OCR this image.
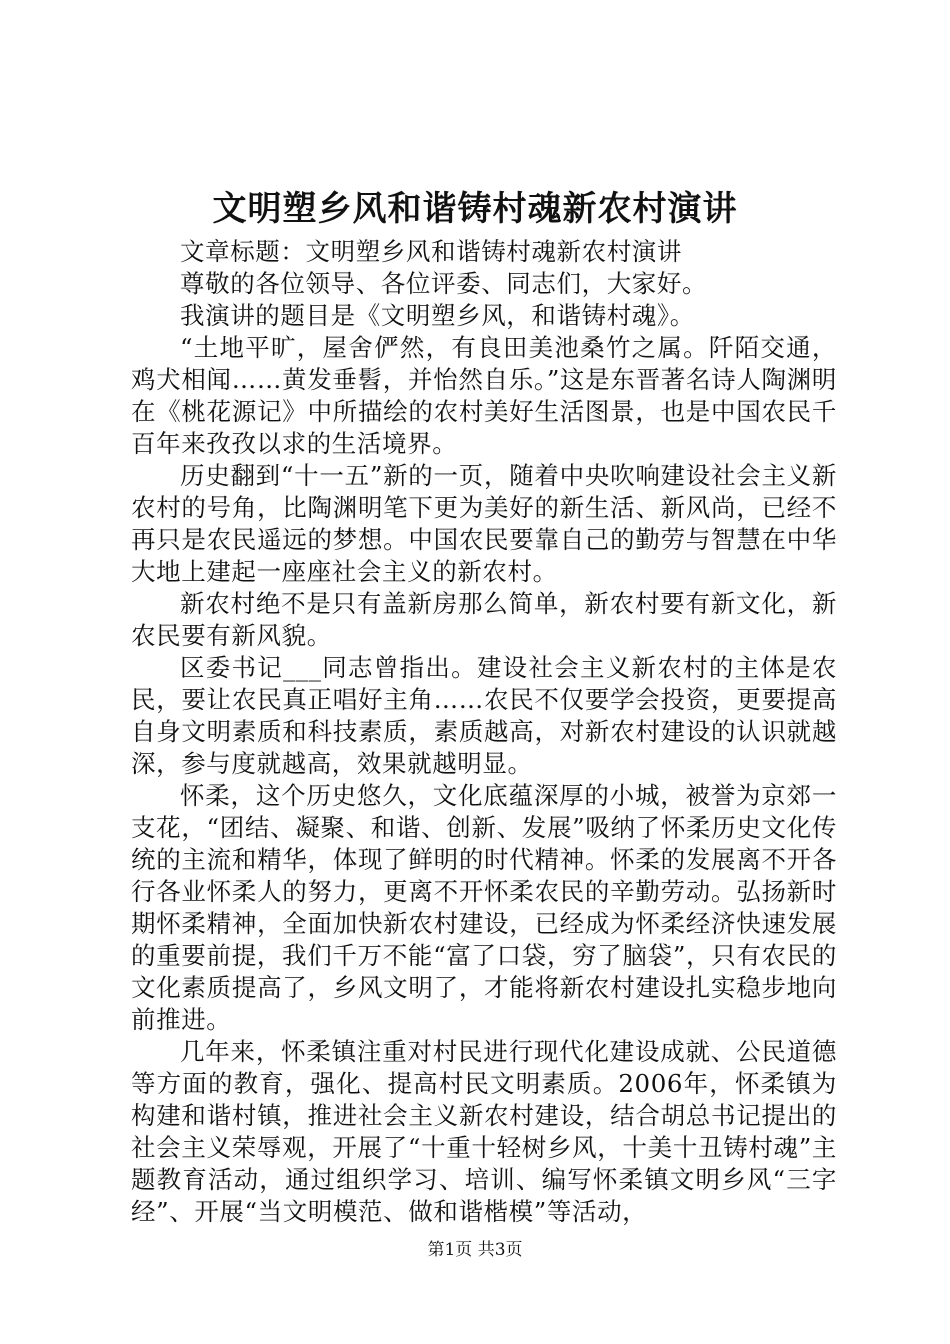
文明塑乡风和谐铸村魂新农村演讲

文章标题：文明塑乡风和谐铸村魂新农村演讲

尊敬的各位领导、各位评委、同志们，大家好。

我演讲的题目是《文明塑乡风，和谐铸村魂》。

“土地平旷，屋舍俨然，有良田美池桑竹之属。阡陌交通，鸡犬相闻……黄发垂髫，并怡然自乐。”这是东晋著名诗人陶渊明在《桃花源记》中所描绘的农村美好生活图景，也是中国农民千百年来孜孜以求的生活境界。

历史翻到“十一五”新的一页，随着中央吹响建设社会主义新农村的号角，比陶渊明笔下更为美好的新生活、新风尚，已经不再只是农民遥远的梦想。中国农民要靠自己的勤劳与智慧在中华大地上建起一座座社会主义的新农村。

新农村绝不是只有盖新房那么简单，新农村要有新文化，新农民要有新风貌。

区委书记___同志曾指出。建设社会主义新农村的主体是农民，要让农民真正唱好主角……农民不仅要学会投资，更要提高自身文明素质和科技素质，素质越高，对新农村建设的认识就越深，参与度就越高，效果就越明显。

怀柔，这个历史悠久，文化底蕴深厚的小城，被誉为京郊一支花，“团结、凝聚、和谐、创新、发展”吸纳了怀柔历史文化传统的主流和精华，体现了鲜明的时代精神。怀柔的发展离不开各行各业怀柔人的努力，更离不开怀柔农民的辛勤劳动。弘扬新时期怀柔精神，全面加快新农村建设，已经成为怀柔经济快速发展的重要前提，我们千万不能“富了口袋，穷了脑袋”，只有农民的文化素质提高了，乡风文明了，才能将新农村建设扎实稳步地向前推进。

几年来，怀柔镇注重对村民进行现代化建设成就、公民道德等方面的教育，强化、提高村民文明素质。2006年，怀柔镇为构建和谐村镇，推进社会主义新农村建设，结合胡总书记提出的社会主义荣辱观，开展了“十重十轻树乡风，十美十丑铸村魂”主题教育活动，通过组织学习、培训、编写怀柔镇文明乡风“三字经”、开展“当文明模范、做和谐楷模”等活动，

第1页 共3页
